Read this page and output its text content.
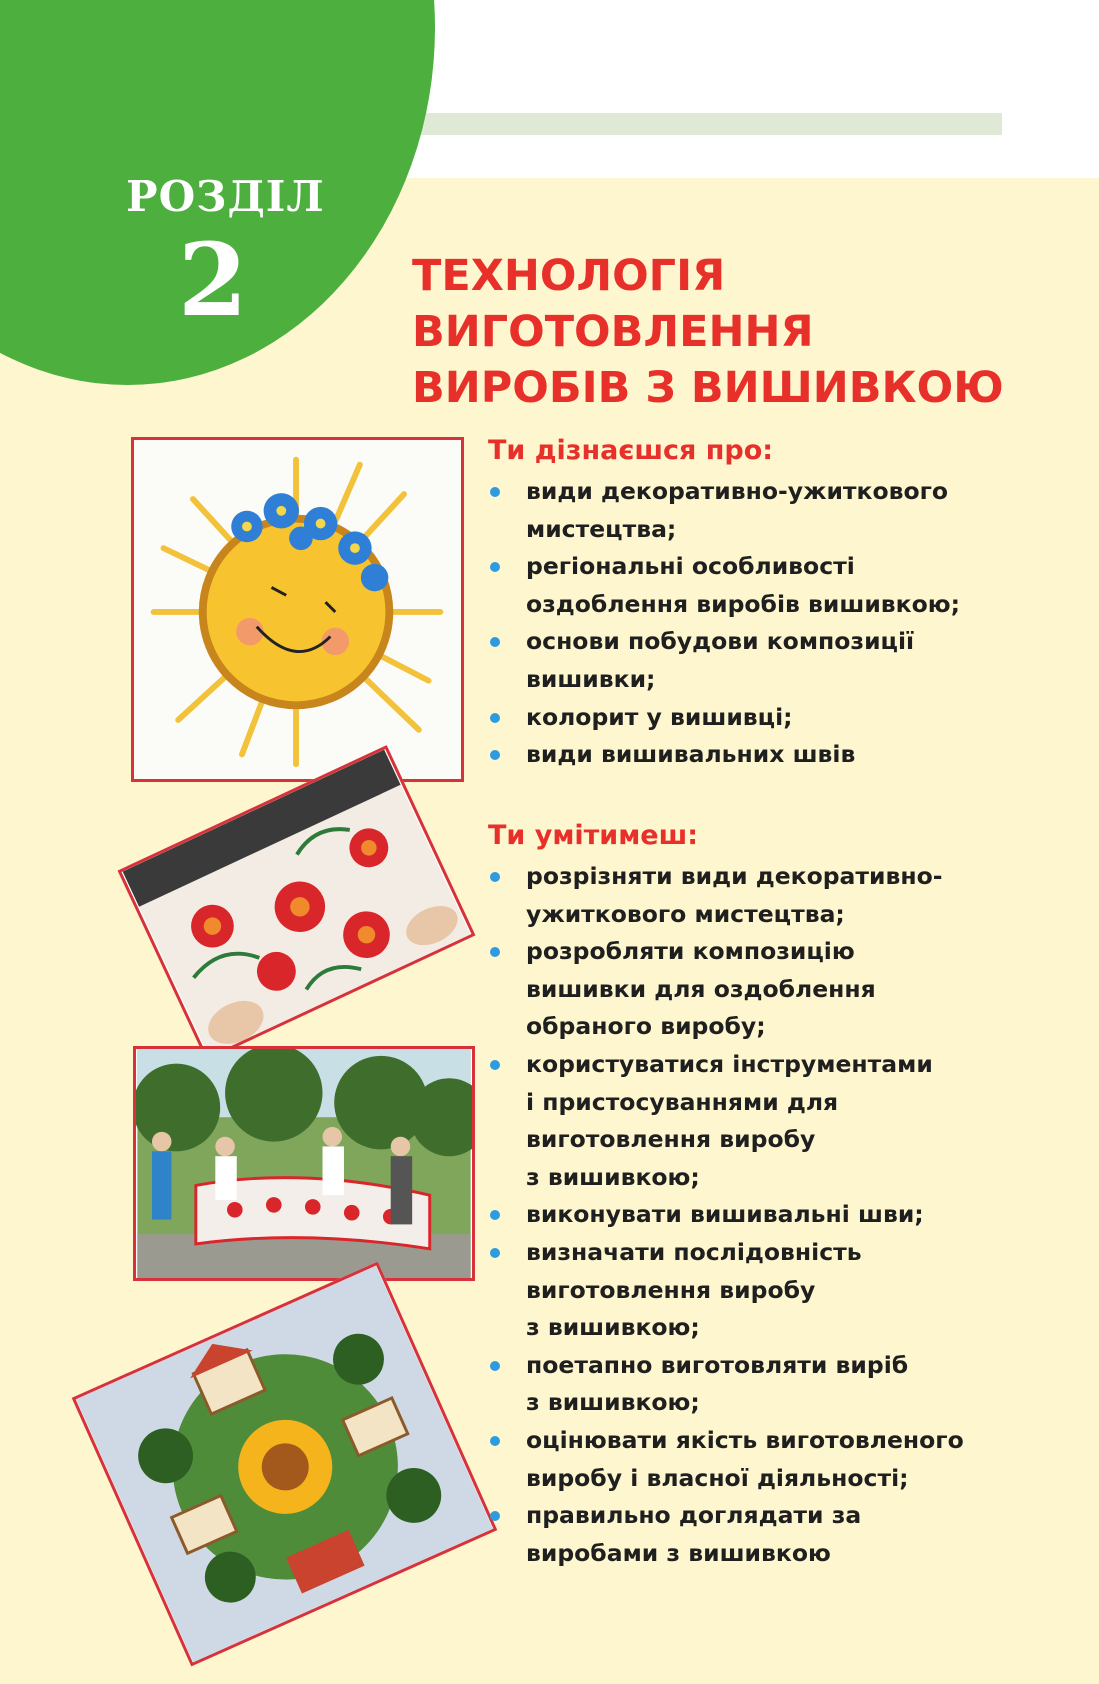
РОЗДІЛ
2	ТЕХНОЛОГІЯ
ВИГОТОВЛЕННЯ
ВИРОБІВ З ВИШИВКОЮ
Ти дізнаєшся про:
види декоративно-ужиткового
мистецтва;
регіональні особливості
оздоблення виробів вишивкою;
основи побудови композиції
вишивки;
колорит у вишивці;
види вишивальних швів
Ти умітимеш:
розрізняти види декоративно-
ужиткового мистецтва;
розробляти композицію
вишивки для оздоблення
обраного виробу;
користуватися інструментами
і пристосуваннями для
виготовлення виробу
з вишивкою;
виконувати вишивальні шви;
визначати послідовність
виготовлення виробу
з вишивкою;
поетапно виготовляти виріб
з вишивкою;
оцінювати якість виготовленого
виробу і власної діяльності;
правильно доглядати за
виробами з вишивкою
